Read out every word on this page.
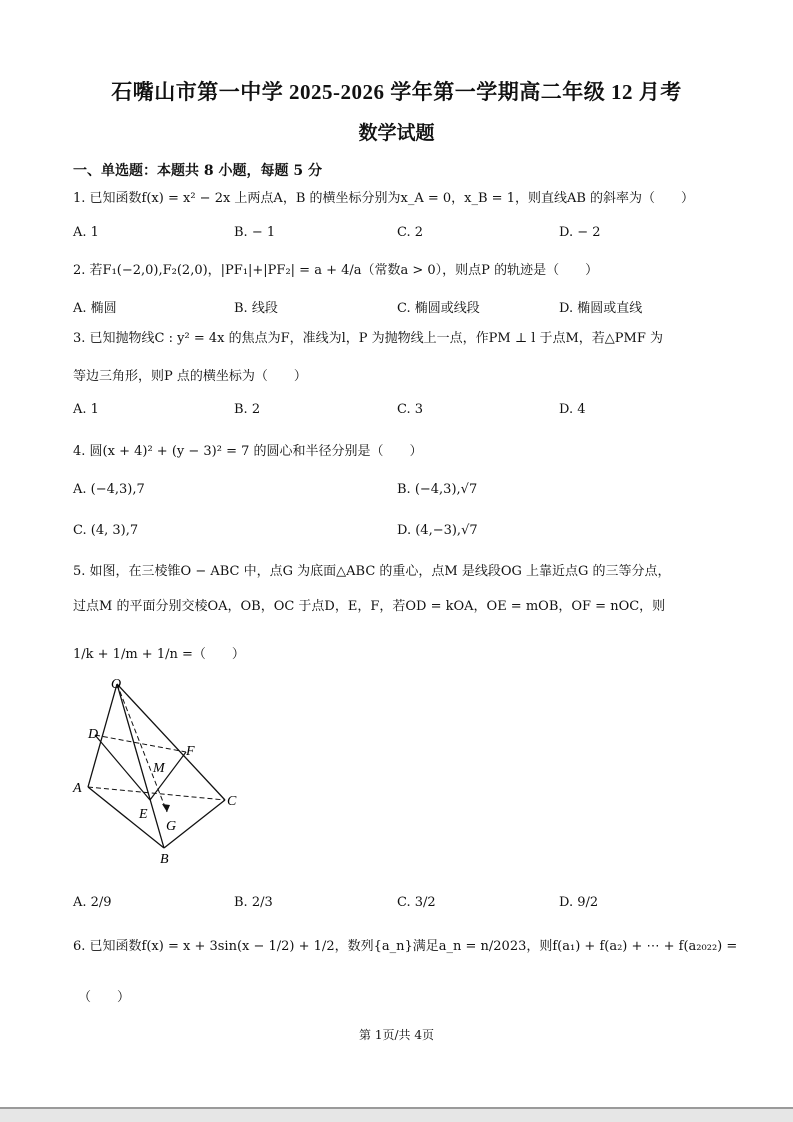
石嘴山市第一中学 2025-2026 学年第一学期高二年级 12 月考
数学试题
一、单选题：本题共 8 小题，每题 5 分
1. 已知函数f(x) = x² − 2x 上两点A，B 的横坐标分别为x_A = 0，x_B = 1，则直线AB 的斜率为（　　）
A. 1	B. − 1	C. 2	D. − 2
2. 若F₁(−2,0),F₂(2,0)，|PF₁|+|PF₂| = a + 4/a（常数a > 0），则点P 的轨迹是（　　）
A. 椭圆	B. 线段	C. 椭圆或线段	D. 椭圆或直线
3. 已知抛物线C : y² = 4x 的焦点为F，准线为l，P 为抛物线上一点，作PM ⊥ l 于点M，若△PMF 为
等边三角形，则P 点的横坐标为（　　）
A. 1	B. 2	C. 3	D. 4
4. 圆(x + 4)² + (y − 3)² = 7 的圆心和半径分别是（　　）
A. (−4,3),7	B. (−4,3),√7
C. (4, 3),7	D. (4,−3),√7
5. 如图，在三棱锥O − ABC 中，点G 为底面△ABC 的重心，点M 是线段OG 上靠近点G 的三等分点，
过点M 的平面分别交棱OA，OB，OC 于点D，E，F，若OD = kOA，OE = mOB，OF = nOC，则
1/k + 1/m + 1/n =（　　）
O
D
F
M
A
C
E
G
B
A. 2/9	B. 2/3	C. 3/2	D. 9/2
6. 已知函数f(x) = x + 3sin(x − 1/2) + 1/2，数列{a_n}满足a_n = n/2023，则f(a₁) + f(a₂) + ⋯ + f(a₂₀₂₂) =
（　　）
第 1页/共 4页
